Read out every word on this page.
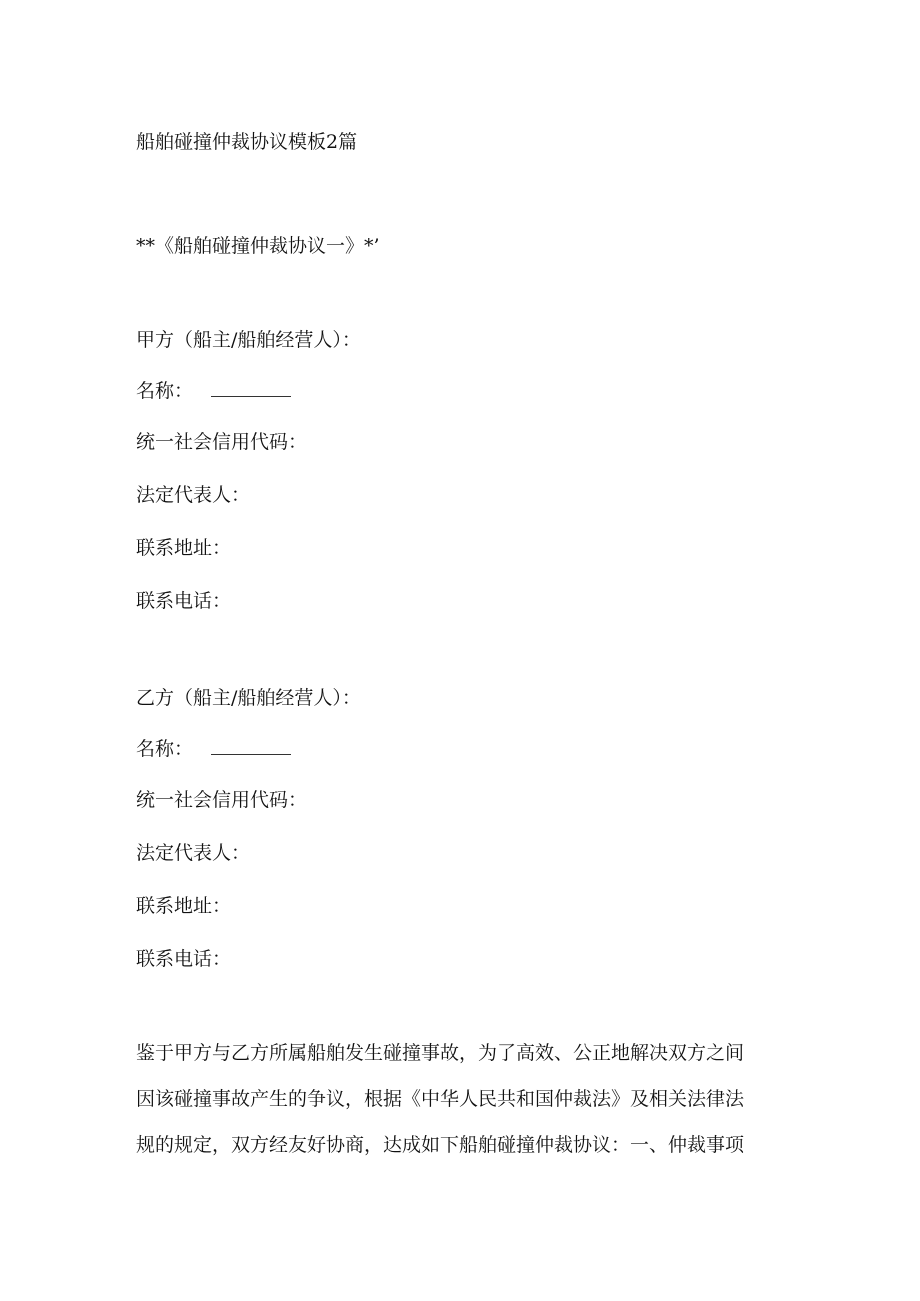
船舶碰撞仲裁协议模板2篇
**《船舶碰撞仲裁协议一》*’
甲方（船主/船舶经营人）：
名称：
统一社会信用代码：
法定代表人：
联系地址：
联系电话：
乙方（船主/船舶经营人）：
名称：
统一社会信用代码：
法定代表人：
联系地址：
联系电话：
鉴于甲方与乙方所属船舶发生碰撞事故，为了高效、公正地解决双方之间
因该碰撞事故产生的争议，根据《中华人民共和国仲裁法》及相关法律法
规的规定，双方经友好协商，达成如下船舶碰撞仲裁协议：一、仲裁事项
